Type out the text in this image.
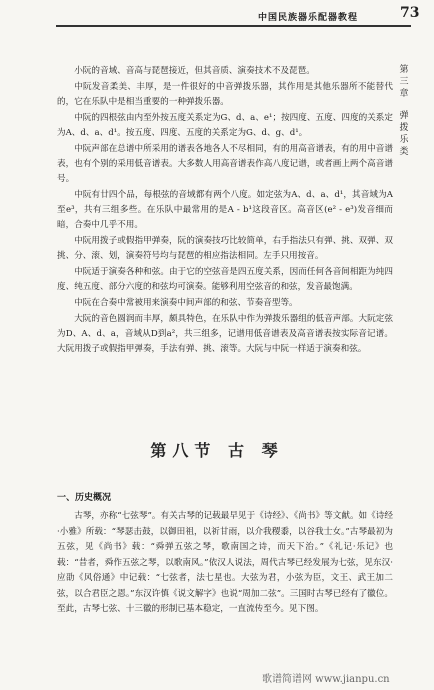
中国民族器乐配器教程	73
第三章
弹拨乐类

小阮的音域、音高与琵琶接近，但其音质、演奏技术不及琵琶。

中阮发音柔美、丰厚，是一件很好的中音弹拨乐器，其作用是其他乐器所不能替代的，它在乐队中是相当重要的一种弹拨乐器。

中阮的四根弦由内至外按五度关系定为G、d、a、e¹；按四度、五度、四度的关系定为A、d、a、d¹。按五度、四度、五度的关系定为G、d、g、d¹。

中阮声部在总谱中所采用的谱表各地各人不尽相同，有的用高音谱表，有的用中音谱表，也有个别的采用低音谱表。大多数人用高音谱表作高八度记谱，或者画上两个高音谱号。

中阮有廿四个品，每根弦的音域都有两个八度。如定弦为A、d、a、d¹，其音域为A至e³，共有三组多些。在乐队中最常用的是A - b¹这段音区。高音区(e² - e³)发音细而暗，合奏中几乎不用。

中阮用拨子或假指甲弹奏，阮的演奏技巧比较简单，右手指法只有弹、挑、双弹、双挑、分、滚、划，演奏符号均与琵琶的相应指法相同。左手只用按音。

中阮适于演奏各种和弦。由于它的空弦音是四五度关系，因而任何各音间相距为纯四度、纯五度、部分六度的和弦均可演奏。能够利用空弦音的和弦，发音最饱满。

中阮在合奏中常被用来演奏中间声部的和弦、节奏音型等。

大阮的音色圆润而丰厚，颇具特色，在乐队中作为弹拨乐器组的低音声部。大阮定弦为D、A、d、a，音域从D到a²，共三组多，记谱用低音谱表及高音谱表按实际音记谱。大阮用拨子或假指甲弹奏，手法有弹、挑、滚等。大阮与中阮一样适于演奏和弦。

第八节 古 琴

一、历史概况

古琴，亦称“七弦琴”。有关古琴的记载最早见于《诗经》、《尚书》等文献。如《诗经·小雅》所载：“琴瑟击鼓，以御田祖，以祈甘雨，以介我稷黍，以谷我士女。”古琴最初为五弦，见《尚书》载：“舜弹五弦之琴，歌南国之诗，而天下治。”《礼记·乐记》也载：“昔者，舜作五弦之琴，以歌南风。”依汉人说法，周代古琴已经发展为七弦，见东汉·应劭《风俗通》中记载：“七弦者，法七星也。大弦为君，小弦为臣，文王、武王加二弦，以合君臣之恩。”东汉许慎《说文解字》也说“周加二弦”。三国时古琴已经有了徽位。至此，古琴七弦、十三徽的形制已基本稳定，一直流传至今。见下图。

歌谱简谱网 www.jianpu.cn
